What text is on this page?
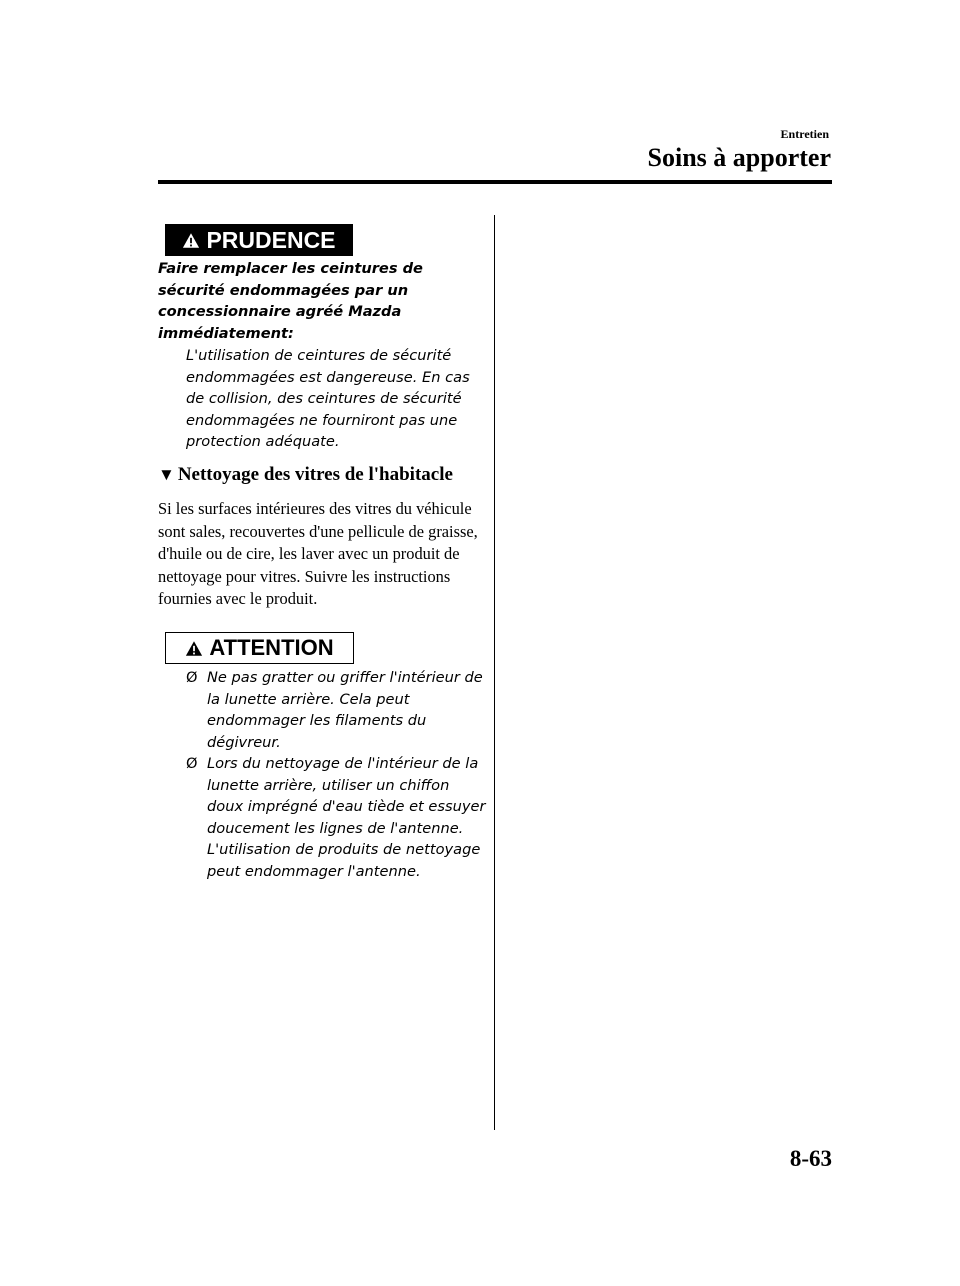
Entretien
Soins à apporter
PRUDENCE
Faire remplacer les ceintures de sécurité endommagées par un concessionnaire agréé Mazda immédiatement:
L'utilisation de ceintures de sécurité endommagées est dangereuse. En cas de collision, des ceintures de sécurité endommagées ne fourniront pas une protection adéquate.
▼ Nettoyage des vitres de l'habitacle
Si les surfaces intérieures des vitres du véhicule sont sales, recouvertes d'une pellicule de graisse, d'huile ou de cire, les laver avec un produit de nettoyage pour vitres. Suivre les instructions fournies avec le produit.
ATTENTION
Ø Ne pas gratter ou griffer l'intérieur de la lunette arrière. Cela peut endommager les filaments du dégivreur.
Ø Lors du nettoyage de l'intérieur de la lunette arrière, utiliser un chiffon doux imprégné d'eau tiède et essuyer doucement les lignes de l'antenne.
L'utilisation de produits de nettoyage peut endommager l'antenne.
8-63
